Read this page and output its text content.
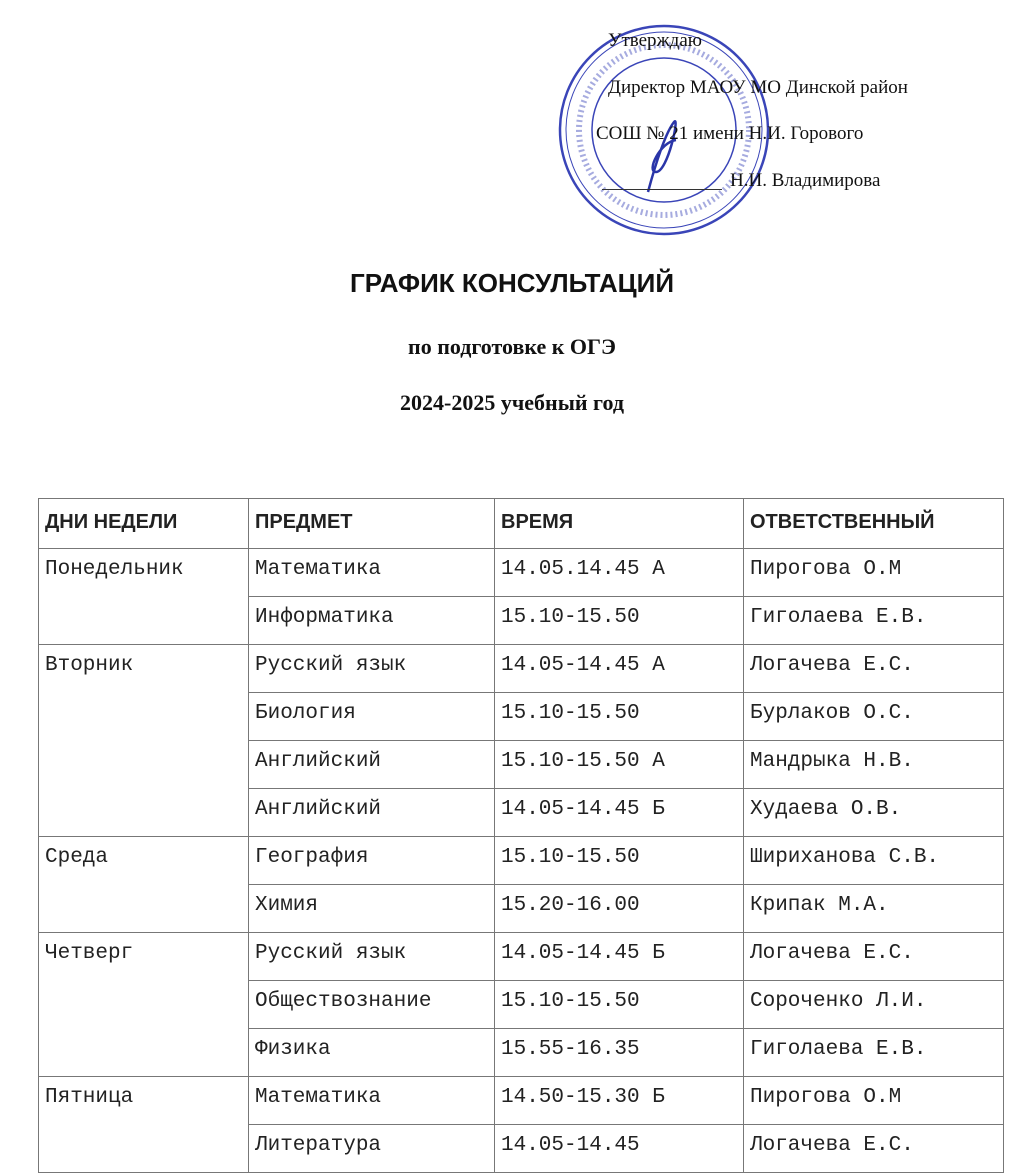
Утверждаю
Директор МАОУ МО Динской район
СОШ № 21 имени Н.И. Горового
Н.И. Владимирова
ГРАФИК КОНСУЛЬТАЦИЙ
по подготовке к ОГЭ
2024-2025 учебный год
ДНИ НЕДЕЛИ	ПРЕДМЕТ	ВРЕМЯ	ОТВЕТСТВЕННЫЙ
Понедельник	Математика	14.05.14.45 А	Пирогова О.М
	Информатика	15.10-15.50	Гиголаева Е.В.
Вторник	Русский язык	14.05-14.45 А	Логачева Е.С.
	Биология	15.10-15.50	Бурлаков О.С.
	Английский	15.10-15.50 А	Мандрыка Н.В.
	Английский	14.05-14.45 Б	Худаева О.В.
Среда	География	15.10-15.50	Шириханова С.В.
	Химия	15.20-16.00	Крипак М.А.
Четверг	Русский язык	14.05-14.45 Б	Логачева Е.С.
	Обществознание	15.10-15.50	Сороченко Л.И.
	Физика	15.55-16.35	Гиголаева Е.В.
Пятница	Математика	14.50-15.30 Б	Пирогова О.М
	Литература	14.05-14.45	Логачева Е.С.
